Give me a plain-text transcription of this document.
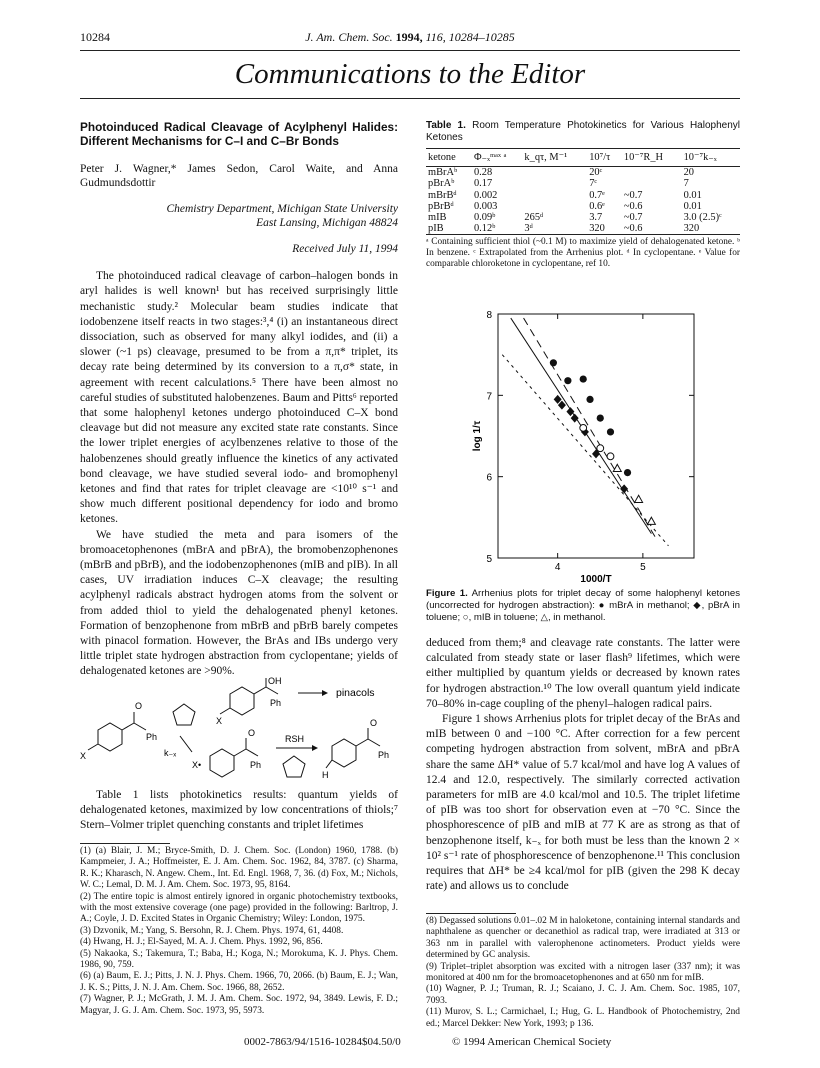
10284	J. Am. Chem. Soc. 1994, 116, 10284–10285
Communications to the Editor
Photoinduced Radical Cleavage of Acylphenyl Halides: Different Mechanisms for C–I and C–Br Bonds
Peter J. Wagner,* James Sedon, Carol Waite, and Anna Gudmundsdottir
Chemistry Department, Michigan State University
East Lansing, Michigan 48824
Received July 11, 1994

The photoinduced radical cleavage of carbon–halogen bonds in aryl halides is well known¹ but has received surprisingly little mechanistic study.² Molecular beam studies indicate that iodobenzene itself reacts in two stages:³,⁴ (i) an instantaneous direct dissociation, such as observed for many alkyl iodides, and (ii) a slower (~1 ps) cleavage, presumed to be from a π,π* triplet, its decay rate being determined by its conversion to a π,σ* state, in agreement with recent calculations.⁵ There have been almost no careful studies of substituted halobenzenes. Baum and Pitts⁶ reported that some halophenyl ketones undergo photoinduced C–X bond cleavage but did not measure any excited state rate constants. Since the lower triplet energies of acylbenzenes relative to those of the halobenzenes should greatly influence the kinetics of any activated bond cleavage, we have studied several iodo- and bromophenyl ketones and find that rates for triplet cleavage are <10¹⁰ s⁻¹ and show much different positional dependency for iodo and bromo ketones.

We have studied the meta and para isomers of the bromoacetophenones (mBrA and pBrA), the bromobenzophenones (mBrB and pBrB), and the iodobenzophenones (mIB and pIB). In all cases, UV irradiation induces C–X cleavage; the resulting acylphenyl radicals abstract hydrogen atoms from the solvent or from added thiol to yield the dehalogenated phenyl ketones. Formation of benzophenone from mBrB and pBrB barely competes with pinacol formation. However, the BrAs and IBs undergo very little triplet state hydrogen abstraction from cyclopentane; yields of dehalogenated ketones are >90%.

O
Ph
X	k₋ₓ
X•
O
Ph
OH
Ph
X
pinacols
RSH
O
Ph
H

Table 1 lists photokinetics results: quantum yields of dehalogenated ketones, maximized by low concentrations of thiols;⁷ Stern–Volmer triplet quenching constants and triplet lifetimes

(1) (a) Blair, J. M.; Bryce-Smith, D. J. Chem. Soc. (London) 1960, 1788. (b) Kampmeier, J. A.; Hoffmeister, E. J. Am. Chem. Soc. 1962, 84, 3787. (c) Sharma, R. K.; Kharasch, N. Angew. Chem., Int. Ed. Engl. 1968, 7, 36. (d) Fox, M.; Nichols, W. C.; Lemal, D. M. J. Am. Chem. Soc. 1973, 95, 8164.
(2) The entire topic is almost entirely ignored in organic photochemistry textbooks, with the most extensive coverage (one page) provided in the following: Barltrop, J. A.; Coyle, J. D. Excited States in Organic Chemistry; Wiley: London, 1975.
(3) Dzvonik, M.; Yang, S. Bersohn, R. J. Chem. Phys. 1974, 61, 4408.
(4) Hwang, H. J.; El-Sayed, M. A. J. Chem. Phys. 1992, 96, 856.
(5) Nakaoka, S.; Takemura, T.; Baba, H.; Koga, N.; Morokuma, K. J. Phys. Chem. 1986, 90, 759.
(6) (a) Baum, E. J.; Pitts, J. N. J. Phys. Chem. 1966, 70, 2066. (b) Baum, E. J.; Wan, J. K. S.; Pitts, J. N. J. Am. Chem. Soc. 1966, 88, 2652.
(7) Wagner, P. J.; McGrath, J. M. J. Am. Chem. Soc. 1972, 94, 3849. Lewis, F. D.; Magyar, J. G. J. Am. Chem. Soc. 1973, 95, 5973.
Table 1. Room Temperature Photokinetics for Various Halophenyl Ketones
ketone	Φ₋ₓᵐᵃˣ ᵃ	k_qτ, M⁻¹	10⁷/τ	10⁻⁷R_H	10⁻⁷k₋ₓ
mBrAᵇ	0.28		20ᶜ		20
pBrAᵇ	0.17		7ᶜ		7
mBrBᵈ	0.002		0.7ᵉ	~0.7	0.01
pBrBᵈ	0.003		0.6ᵉ	~0.6	0.01
mIB	0.09ᵇ	265ᵈ	3.7	~0.7	3.0 (2.5)ᶜ
pIB	0.12ᵇ	3ᵈ	320	~0.6	320
ᵃ Containing sufficient thiol (~0.1 M) to maximize yield of dehalogenated ketone. ᵇ In benzene. ᶜ Extrapolated from the Arrhenius plot. ᵈ In cyclopentane. ᵉ Value for comparable chloroketone in cyclopentane, ref 10.
5
6
7
8
4	5
1000/T
log 1/τ
Figure 1. Arrhenius plots for triplet decay of some halophenyl ketones (uncorrected for hydrogen abstraction): ● mBrA in methanol; ◆, pBrA in toluene; ○, mIB in toluene; △, in methanol.

deduced from them;⁸ and cleavage rate constants. The latter were calculated from steady state or laser flash⁹ lifetimes, which were either multiplied by quantum yields or decreased by known rates for hydrogen abstraction.¹⁰ The low overall quantum yield indicate 70–80% in-cage coupling of the phenyl–halogen radical pairs.

Figure 1 shows Arrhenius plots for triplet decay of the BrAs and mIB between 0 and −100 °C. After correction for a few percent competing hydrogen abstraction from solvent, mBrA and pBrA share the same ΔH* value of 5.7 kcal/mol and have log A values of 12.4 and 12.0, respectively. The similarly corrected activation parameters for mIB are 4.0 kcal/mol and 10.5. The triplet lifetime of pIB was too short for observation even at −70 °C. Since the phosphorescence of pIB and mIB at 77 K are as strong as that of benzophenone itself, k₋ₓ for both must be less than the known 2 × 10² s⁻¹ rate of phosphorescence of benzophenone.¹¹ This conclusion requires that ΔH* be ≥4 kcal/mol for pIB (given the 298 K decay rate) and allows us to conclude

(8) Degassed solutions 0.01–.02 M in haloketone, containing internal standards and naphthalene as quencher or decanethiol as radical trap, were irradiated at 313 or 363 nm in parallel with valerophenone actinometers. Product yields were determined by GC analysis.
(9) Triplet–triplet absorption was excited with a nitrogen laser (337 nm); it was monitored at 400 nm for the bromoacetophenones and at 650 nm for mIB.
(10) Wagner, P. J.; Truman, R. J.; Scaiano, J. C. J. Am. Chem. Soc. 1985, 107, 7093.
(11) Murov, S. L.; Carmichael, I.; Hug, G. L. Handbook of Photochemistry, 2nd ed.; Marcel Dekker: New York, 1993; p 136.
0002-7863/94/1516-10284$04.50/0	© 1994 American Chemical Society
